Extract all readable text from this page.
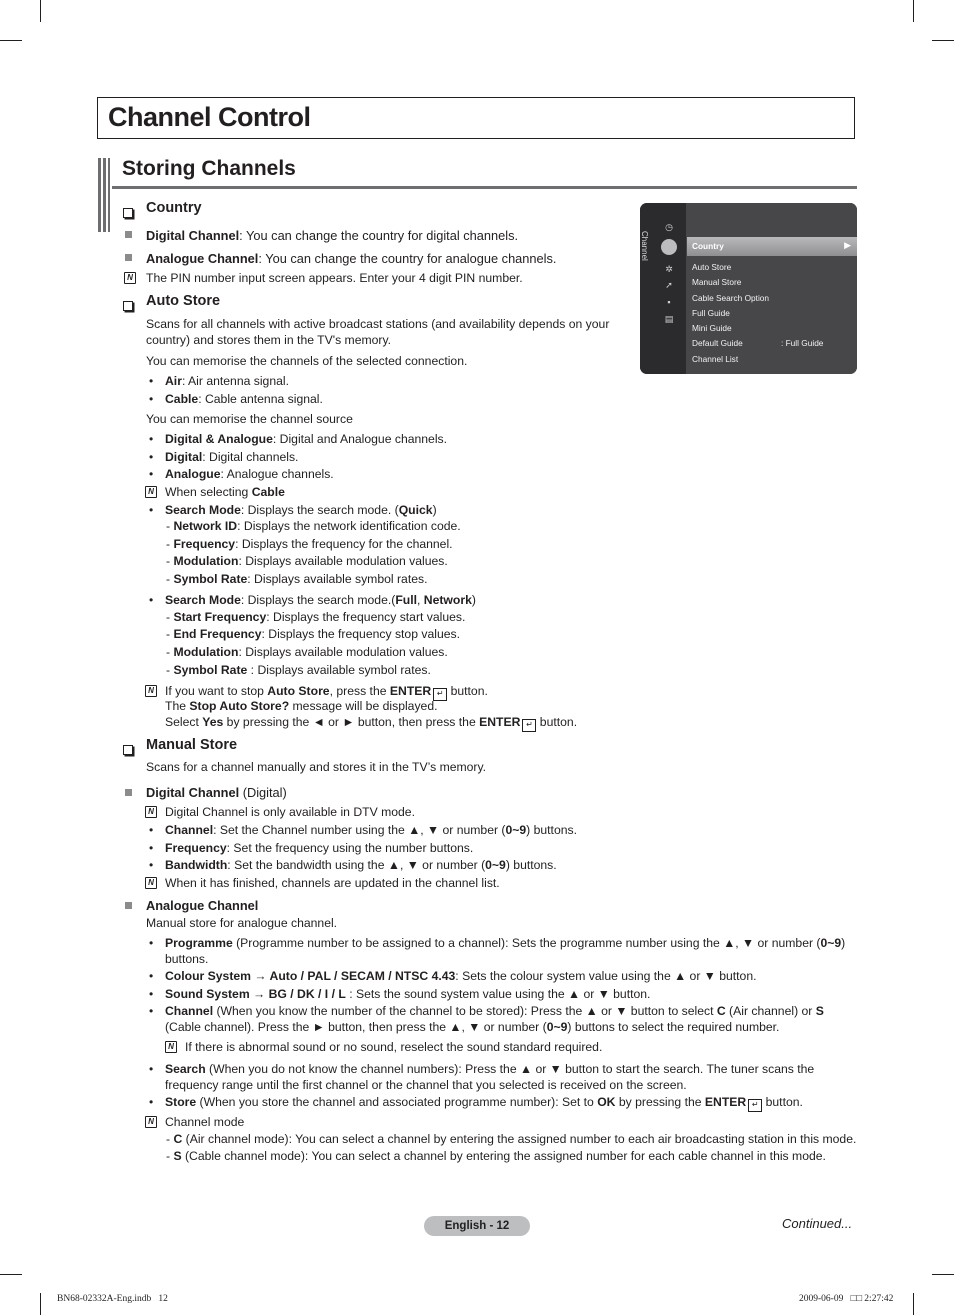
Channel Control
Storing Channels
Country
Digital Channel: You can change the country for digital channels.
Analogue Channel: You can change the country for analogue channels.
N The PIN number input screen appears. Enter your 4 digit PIN number.
Auto Store
Scans for all channels with active broadcast stations (and availability depends on your country) and stores them in the TV's memory.
You can memorise the channels of the selected connection.
• Air: Air antenna signal.
• Cable: Cable antenna signal.
You can memorise the channel source
• Digital & Analogue: Digital and Analogue channels.
• Digital: Digital channels.
• Analogue: Analogue channels.
N When selecting Cable
• Search Mode: Displays the search mode. (Quick)
- Network ID: Displays the network identification code.
- Frequency: Displays the frequency for the channel.
- Modulation: Displays available modulation values.
- Symbol Rate: Displays available symbol rates.
• Search Mode: Displays the search mode.(Full, Network)
- Start Frequency: Displays the frequency start values.
- End Frequency: Displays the frequency stop values.
- Modulation: Displays available modulation values.
- Symbol Rate : Displays available symbol rates.
N If you want to stop Auto Store, press the ENTER ↵ button.
The Stop Auto Store? message will be displayed.
Select Yes by pressing the ◄ or ► button, then press the ENTER ↵ button.
Manual Store
Scans for a channel manually and stores it in the TV’s memory.
Digital Channel (Digital)
N Digital Channel is only available in DTV mode.
• Channel: Set the Channel number using the ▲, ▼ or number (0~9) buttons.
• Frequency: Set the frequency using the number buttons.
• Bandwidth: Set the bandwidth using the ▲, ▼ or number (0~9) buttons.
N When it has finished, channels are updated in the channel list.
Analogue Channel
Manual store for analogue channel.
• Programme (Programme number to be assigned to a channel): Sets the programme number using the ▲, ▼ or number (0~9) buttons.
• Colour System → Auto / PAL / SECAM / NTSC 4.43: Sets the colour system value using the ▲ or ▼ button.
• Sound System → BG / DK / I / L : Sets the sound system value using the ▲ or ▼ button.
• Channel (When you know the number of the channel to be stored): Press the ▲ or ▼ button to select C (Air channel) or S (Cable channel). Press the ► button, then press the ▲, ▼ or number (0~9) buttons to select the required number.
N If there is abnormal sound or no sound, reselect the sound standard required.
• Search (When you do not know the channel numbers): Press the ▲ or ▼ button to start the search. The tuner scans the frequency range until the first channel or the channel that you selected is received on the screen.
• Store (When you store the channel and associated programme number): Set to OK by pressing the ENTER ↵ button.
N Channel mode
- C (Air channel mode): You can select a channel by entering the assigned number to each air broadcasting station in this mode.
- S (Cable channel mode): You can select a channel by entering the assigned number for each cable channel in this mode.
Channel
◷
✲
➚
▪
▤
Country	▶
Auto Store
Manual Store
Cable Search Option
Full Guide
Mini Guide
Default Guide	: Full Guide
Channel List
English - 12	Continued...
BN68-02332A-Eng.indb   12	2009-06-09   □□ 2:27:42
